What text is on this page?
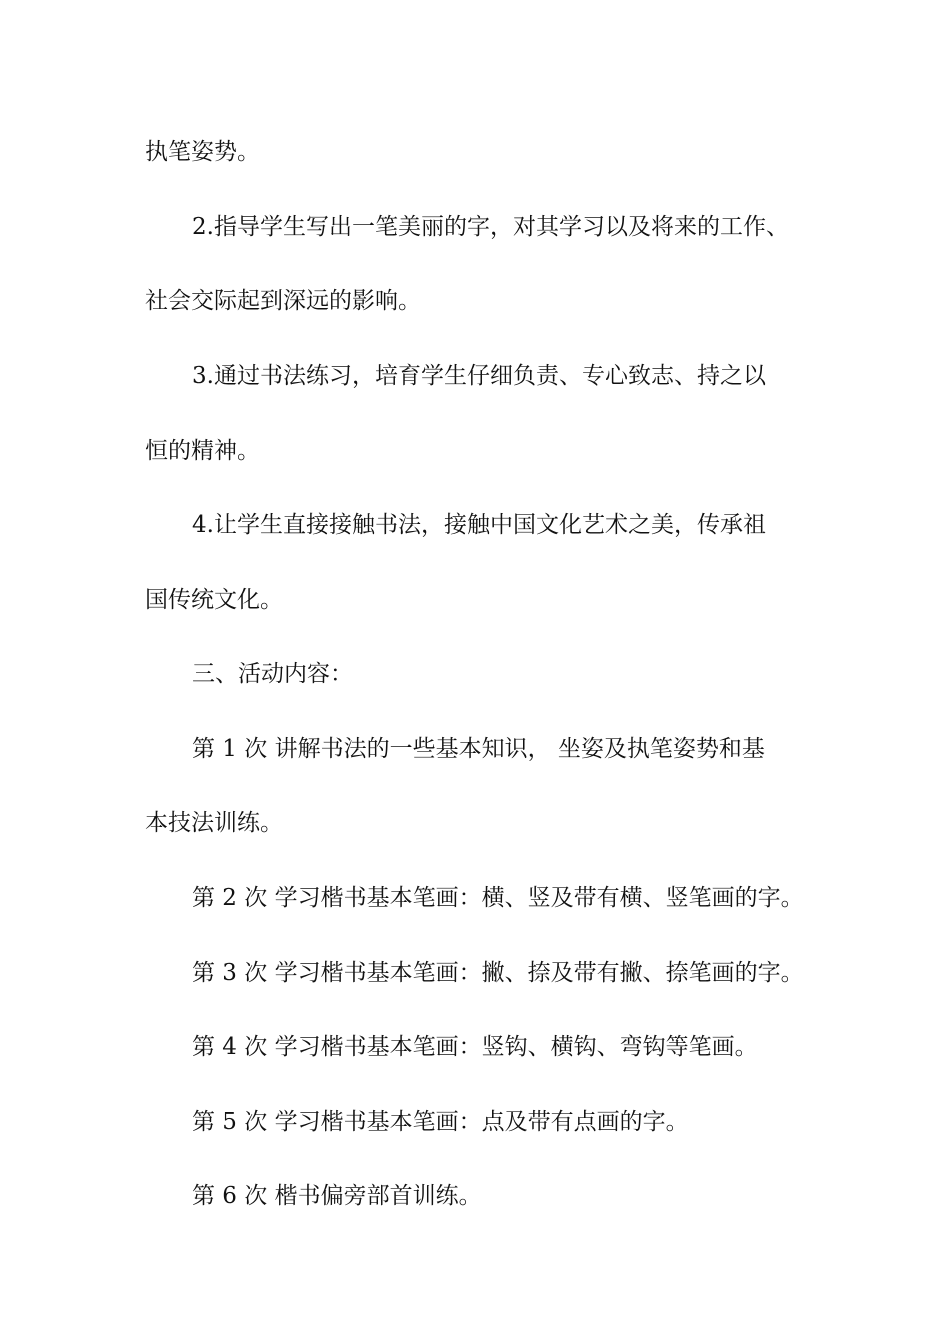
执笔姿势。
2.指导学生写出一笔美丽的字，对其学习以及将来的工作、
社会交际起到深远的影响。
3.通过书法练习，培育学生仔细负责、专心致志、持之以
恒的精神。
4.让学生直接接触书法，接触中国文化艺术之美，传承祖
国传统文化。
三、活动内容：
第 1 次 讲解书法的一些基本知识， 坐姿及执笔姿势和基
本技法训练。
第 2 次 学习楷书基本笔画：横、竖及带有横、竖笔画的字。
第 3 次 学习楷书基本笔画：撇、捺及带有撇、捺笔画的字。
第 4 次 学习楷书基本笔画：竖钩、横钩、弯钩等笔画。
第 5 次 学习楷书基本笔画：点及带有点画的字。
第 6 次 楷书偏旁部首训练。
